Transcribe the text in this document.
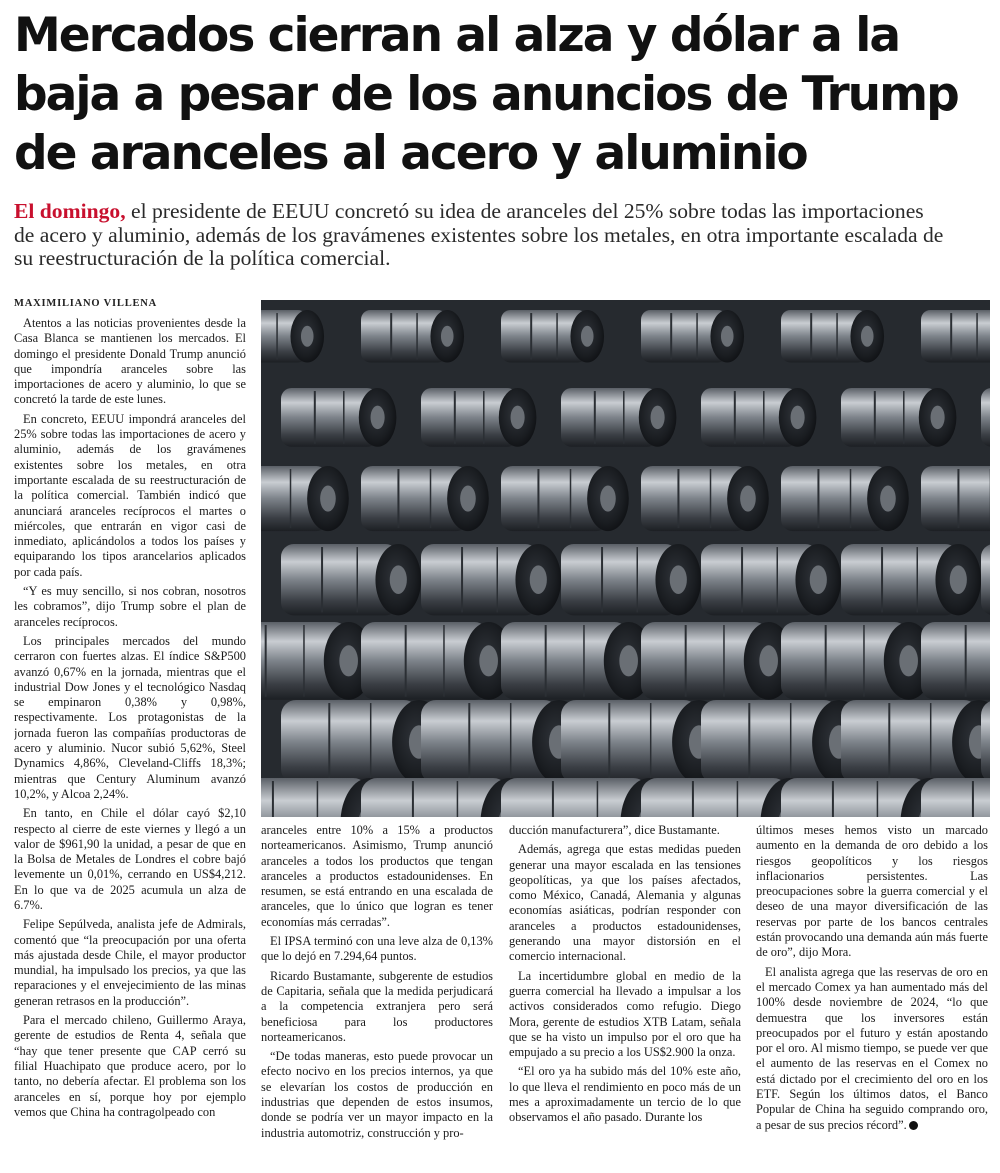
Mercados cierran al alza y dólar a la baja a pesar de los anuncios de Trump de aranceles al acero y aluminio

El domingo, el presidente de EEUU concretó su idea de aranceles del 25% sobre todas las importaciones de acero y aluminio, además de los gravámenes existentes sobre los metales, en otra importante escalada de su reestructuración de la política comercial.

MAXIMILIANO VILLENA

Atentos a las noticias provenientes desde la Casa Blanca se mantienen los mercados. El domingo el presidente Donald Trump anunció que impondría aranceles sobre las importaciones de acero y aluminio, lo que se concretó la tarde de este lunes.

En concreto, EEUU impondrá aranceles del 25% sobre todas las importaciones de acero y aluminio, además de los gravámenes existentes sobre los metales, en otra importante escalada de su reestructuración de la política comercial. También indicó que anunciará aranceles recíprocos el martes o miércoles, que entrarán en vigor casi de inmediato, aplicándolos a todos los países y equiparando los tipos arancelarios aplicados por cada país.

“Y es muy sencillo, si nos cobran, nosotros les cobramos”, dijo Trump sobre el plan de aranceles recíprocos.

Los principales mercados del mundo cerraron con fuertes alzas. El índice S&P500 avanzó 0,67% en la jornada, mientras que el industrial Dow Jones y el tecnológico Nasdaq se empinaron 0,38% y 0,98%, respectivamente. Los protagonistas de la jornada fueron las compañías productoras de acero y aluminio. Nucor subió 5,62%, Steel Dynamics 4,86%, Cleveland-Cliffs 18,3%; mientras que Century Aluminum avanzó 10,2%, y Alcoa 2,24%.

En tanto, en Chile el dólar cayó $2,10 respecto al cierre de este viernes y llegó a un valor de $961,90 la unidad, a pesar de que en la Bolsa de Metales de Londres el cobre bajó levemente un 0,01%, cerrando en US$4,212. En lo que va de 2025 acumula un alza de 6.7%.

Felipe Sepúlveda, analista jefe de Admirals, comentó que “la preocupación por una oferta más ajustada desde Chile, el mayor productor mundial, ha impulsado los precios, ya que las reparaciones y el envejecimiento de las minas generan retrasos en la producción”.

Para el mercado chileno, Guillermo Araya, gerente de estudios de Renta 4, señala que “hay que tener presente que CAP cerró su filial Huachipato que produce acero, por lo tanto, no debería afectar. El problema son los aranceles en sí, porque hoy por ejemplo vemos que China ha contragolpeado con

aranceles entre 10% a 15% a productos norteamericanos. Asimismo, Trump anunció aranceles a todos los productos que tengan aranceles a productos estadounidenses. En resumen, se está entrando en una escalada de aranceles, que lo único que logran es tener economías más cerradas”.

El IPSA terminó con una leve alza de 0,13% que lo dejó en 7.294,64 puntos.

Ricardo Bustamante, subgerente de estudios de Capitaria, señala que la medida perjudicará a la competencia extranjera pero será beneficiosa para los productores norteamericanos.

“De todas maneras, esto puede provocar un efecto nocivo en los precios internos, ya que se elevarían los costos de producción en industrias que dependen de estos insumos, donde se podría ver un mayor impacto en la industria automotriz, construcción y pro-

ducción manufacturera”, dice Bustamante.

Además, agrega que estas medidas pueden generar una mayor escalada en las tensiones geopolíticas, ya que los países afectados, como México, Canadá, Alemania y algunas economías asiáticas, podrían responder con aranceles a productos estadounidenses, generando una mayor distorsión en el comercio internacional.

La incertidumbre global en medio de la guerra comercial ha llevado a impulsar a los activos considerados como refugio. Diego Mora, gerente de estudios XTB Latam, señala que se ha visto un impulso por el oro que ha empujado a su precio a los US$2.900 la onza.

“El oro ya ha subido más del 10% este año, lo que lleva el rendimiento en poco más de un mes a aproximadamente un tercio de lo que observamos el año pasado. Durante los

últimos meses hemos visto un marcado aumento en la demanda de oro debido a los riesgos geopolíticos y los riesgos inflacionarios persistentes. Las preocupaciones sobre la guerra comercial y el deseo de una mayor diversificación de las reservas por parte de los bancos centrales están provocando una demanda aún más fuerte de oro”, dijo Mora.

El analista agrega que las reservas de oro en el mercado Comex ya han aumentado más del 100% desde noviembre de 2024, “lo que demuestra que los inversores están preocupados por el futuro y están apostando por el oro. Al mismo tiempo, se puede ver que el aumento de las reservas en el Comex no está dictado por el crecimiento del oro en los ETF. Según los últimos datos, el Banco Popular de China ha seguido comprando oro, a pesar de sus precios récord”.
